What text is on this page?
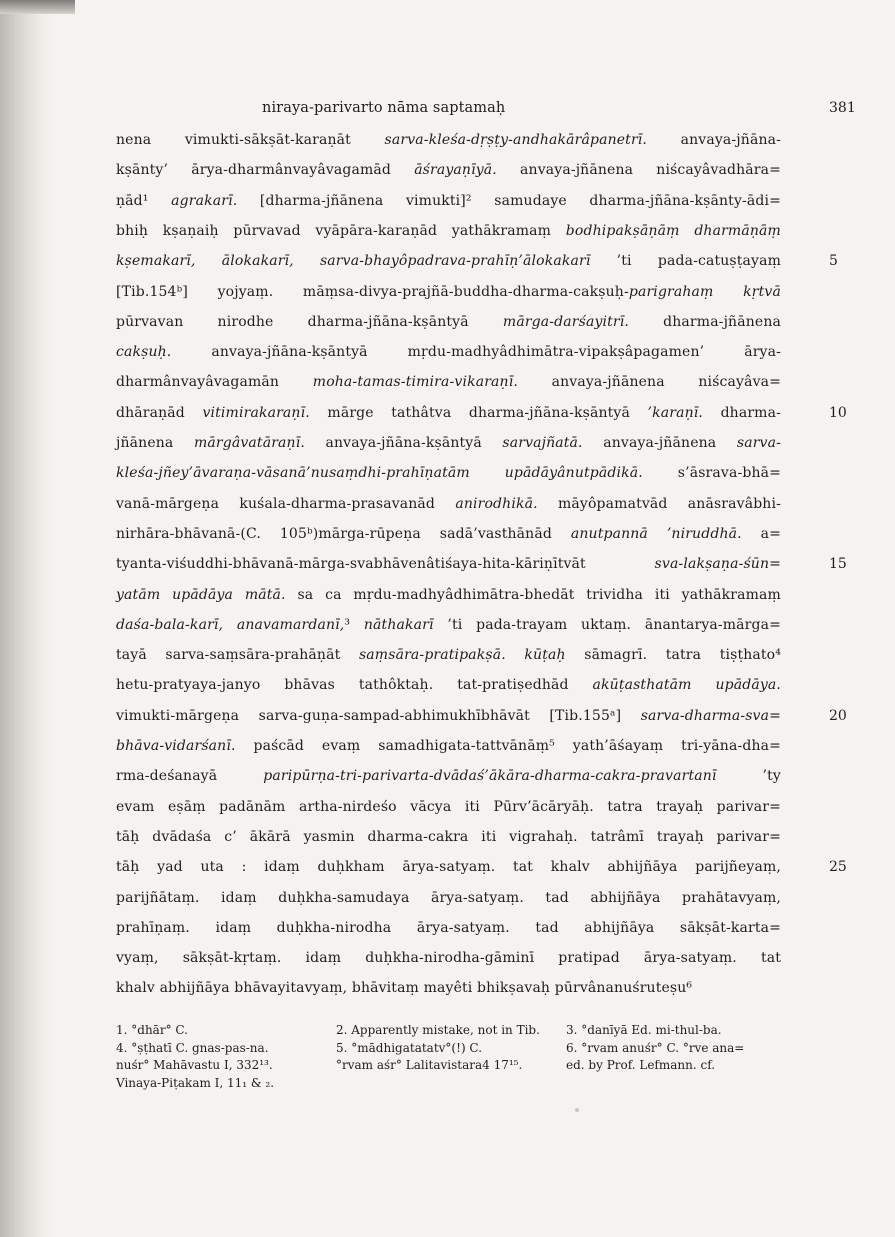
niraya-parivarto nāma saptamaḥ	381
nena vimukti-sākṣāt-karaṇāt sarva-kleśa-dṛṣṭy-andhakārâpanetrī. anvaya-jñāna-
kṣānty’ ārya-dharmânvayâvagamād āśrayaṇīyā. anvaya-jñānena niścayâvadhāra=
ṇād¹ agrakarī. [dharma-jñānena vimukti]² samudaye dharma-jñāna-kṣānty-ādi=
bhiḥ kṣaṇaiḥ pūrvavad vyāpāra-karaṇād yathākramaṃ bodhipakṣāṇāṃ dharmāṇāṃ
kṣemakarī, ālokakarī, sarva-bhayôpadrava-prahīṇ’ālokakarī ’ti pada-catuṣṭayaṃ
[Tib.154ᵇ] yojyaṃ. māṃsa-divya-prajñā-buddha-dharma-cakṣuḥ-parigrahaṃ kṛtvā
pūrvavan nirodhe dharma-jñāna-kṣāntyā mārga-darśayitrī. dharma-jñānena
cakṣuḥ. anvaya-jñāna-kṣāntyā mṛdu-madhyâdhimātra-vipakṣâpagamen’ ārya-
dharmânvayâvagamān moha-tamas-timira-vikaraṇī. anvaya-jñānena niścayâva=
dhāraṇād vitimirakaraṇī. mārge tathâtva dharma-jñāna-kṣāntyā ’karaṇī. dharma-
jñānena mārgâvatāraṇī. anvaya-jñāna-kṣāntyā sarvajñatā. anvaya-jñānena sarva-
kleśa-jñey’āvaraṇa-vāsanā’nusaṃdhi-prahīṇatām upādāyânutpādikā. s’āsrava-bhā=
vanā-mārgeṇa kuśala-dharma-prasavanād anirodhikā. māyôpamatvād anāsravâbhi-
nirhāra-bhāvanā-(C. 105ᵇ)mārga-rūpeṇa sadā’vasthānād anutpannā ’niruddhā. a=
tyanta-viśuddhi-bhāvanā-mārga-svabhāvenâtiśaya-hita-kāriṇītvāt sva-lakṣaṇa-śūn=
yatām upādāya mātā. sa ca mṛdu-madhyâdhimātra-bhedāt trividha iti yathākramaṃ
daśa-bala-karī, anavamardanī,³ nāthakarī ’ti pada-trayam uktaṃ. ānantarya-mārga=
tayā sarva-saṃsāra-prahāṇāt saṃsāra-pratipakṣā. kūṭaḥ sāmagrī. tatra tiṣṭhato⁴
hetu-pratyaya-janyo bhāvas tathôktaḥ. tat-pratiṣedhād akūṭasthatām upādāya.
vimukti-mārgeṇa sarva-guṇa-sampad-abhimukhībhāvāt [Tib.155ᵃ] sarva-dharma-sva=
bhāva-vidarśanī. paścād evaṃ samadhigata-tattvānāṃ⁵ yath’āśayaṃ tri-yāna-dha=
rma-deśanayā paripūrṇa-tri-parivarta-dvādaś’ākāra-dharma-cakra-pravartanī ’ty
evam eṣāṃ padānām artha-nirdeśo vācya iti Pūrv’ācāryāḥ. tatra trayaḥ parivar=
tāḥ dvādaśa c’ ākārā yasmin dharma-cakra iti vigrahaḥ. tatrâmī trayaḥ parivar=
tāḥ yad uta : idaṃ duḥkham ārya-satyaṃ. tat khalv abhijñāya parijñeyaṃ,
parijñātaṃ. idaṃ duḥkha-samudaya ārya-satyaṃ. tad abhijñāya prahātavyaṃ,
prahīṇaṃ. idaṃ duḥkha-nirodha ārya-satyaṃ. tad abhijñāya sākṣāt-karta=
vyaṃ, sākṣāt-kṛtaṃ. idaṃ duḥkha-nirodha-gāminī pratipad ārya-satyaṃ. tat
khalv abhijñāya bhāvayitavyaṃ, bhāvitaṃ mayêti bhikṣavaḥ pūrvânanuśruteṣu⁶
5
10
15
20
25
1. °dhār° C.	2. Apparently mistake, not in Tib. 3. °danīyā Ed. mi-thul-ba.
4. °ṣṭhatī C. gnas-pas-na.	5. °mādhigatatatv°(!) C.	6. °rvam anuśr° C. °rve ana=
nuśr° Mahāvastu I, 332¹³.	°rvam aśr° Lalitavistara4 17¹⁵.	ed. by Prof. Lefmann. cf.
Vinaya-Piṭakam I, 11₁ & ₂.
